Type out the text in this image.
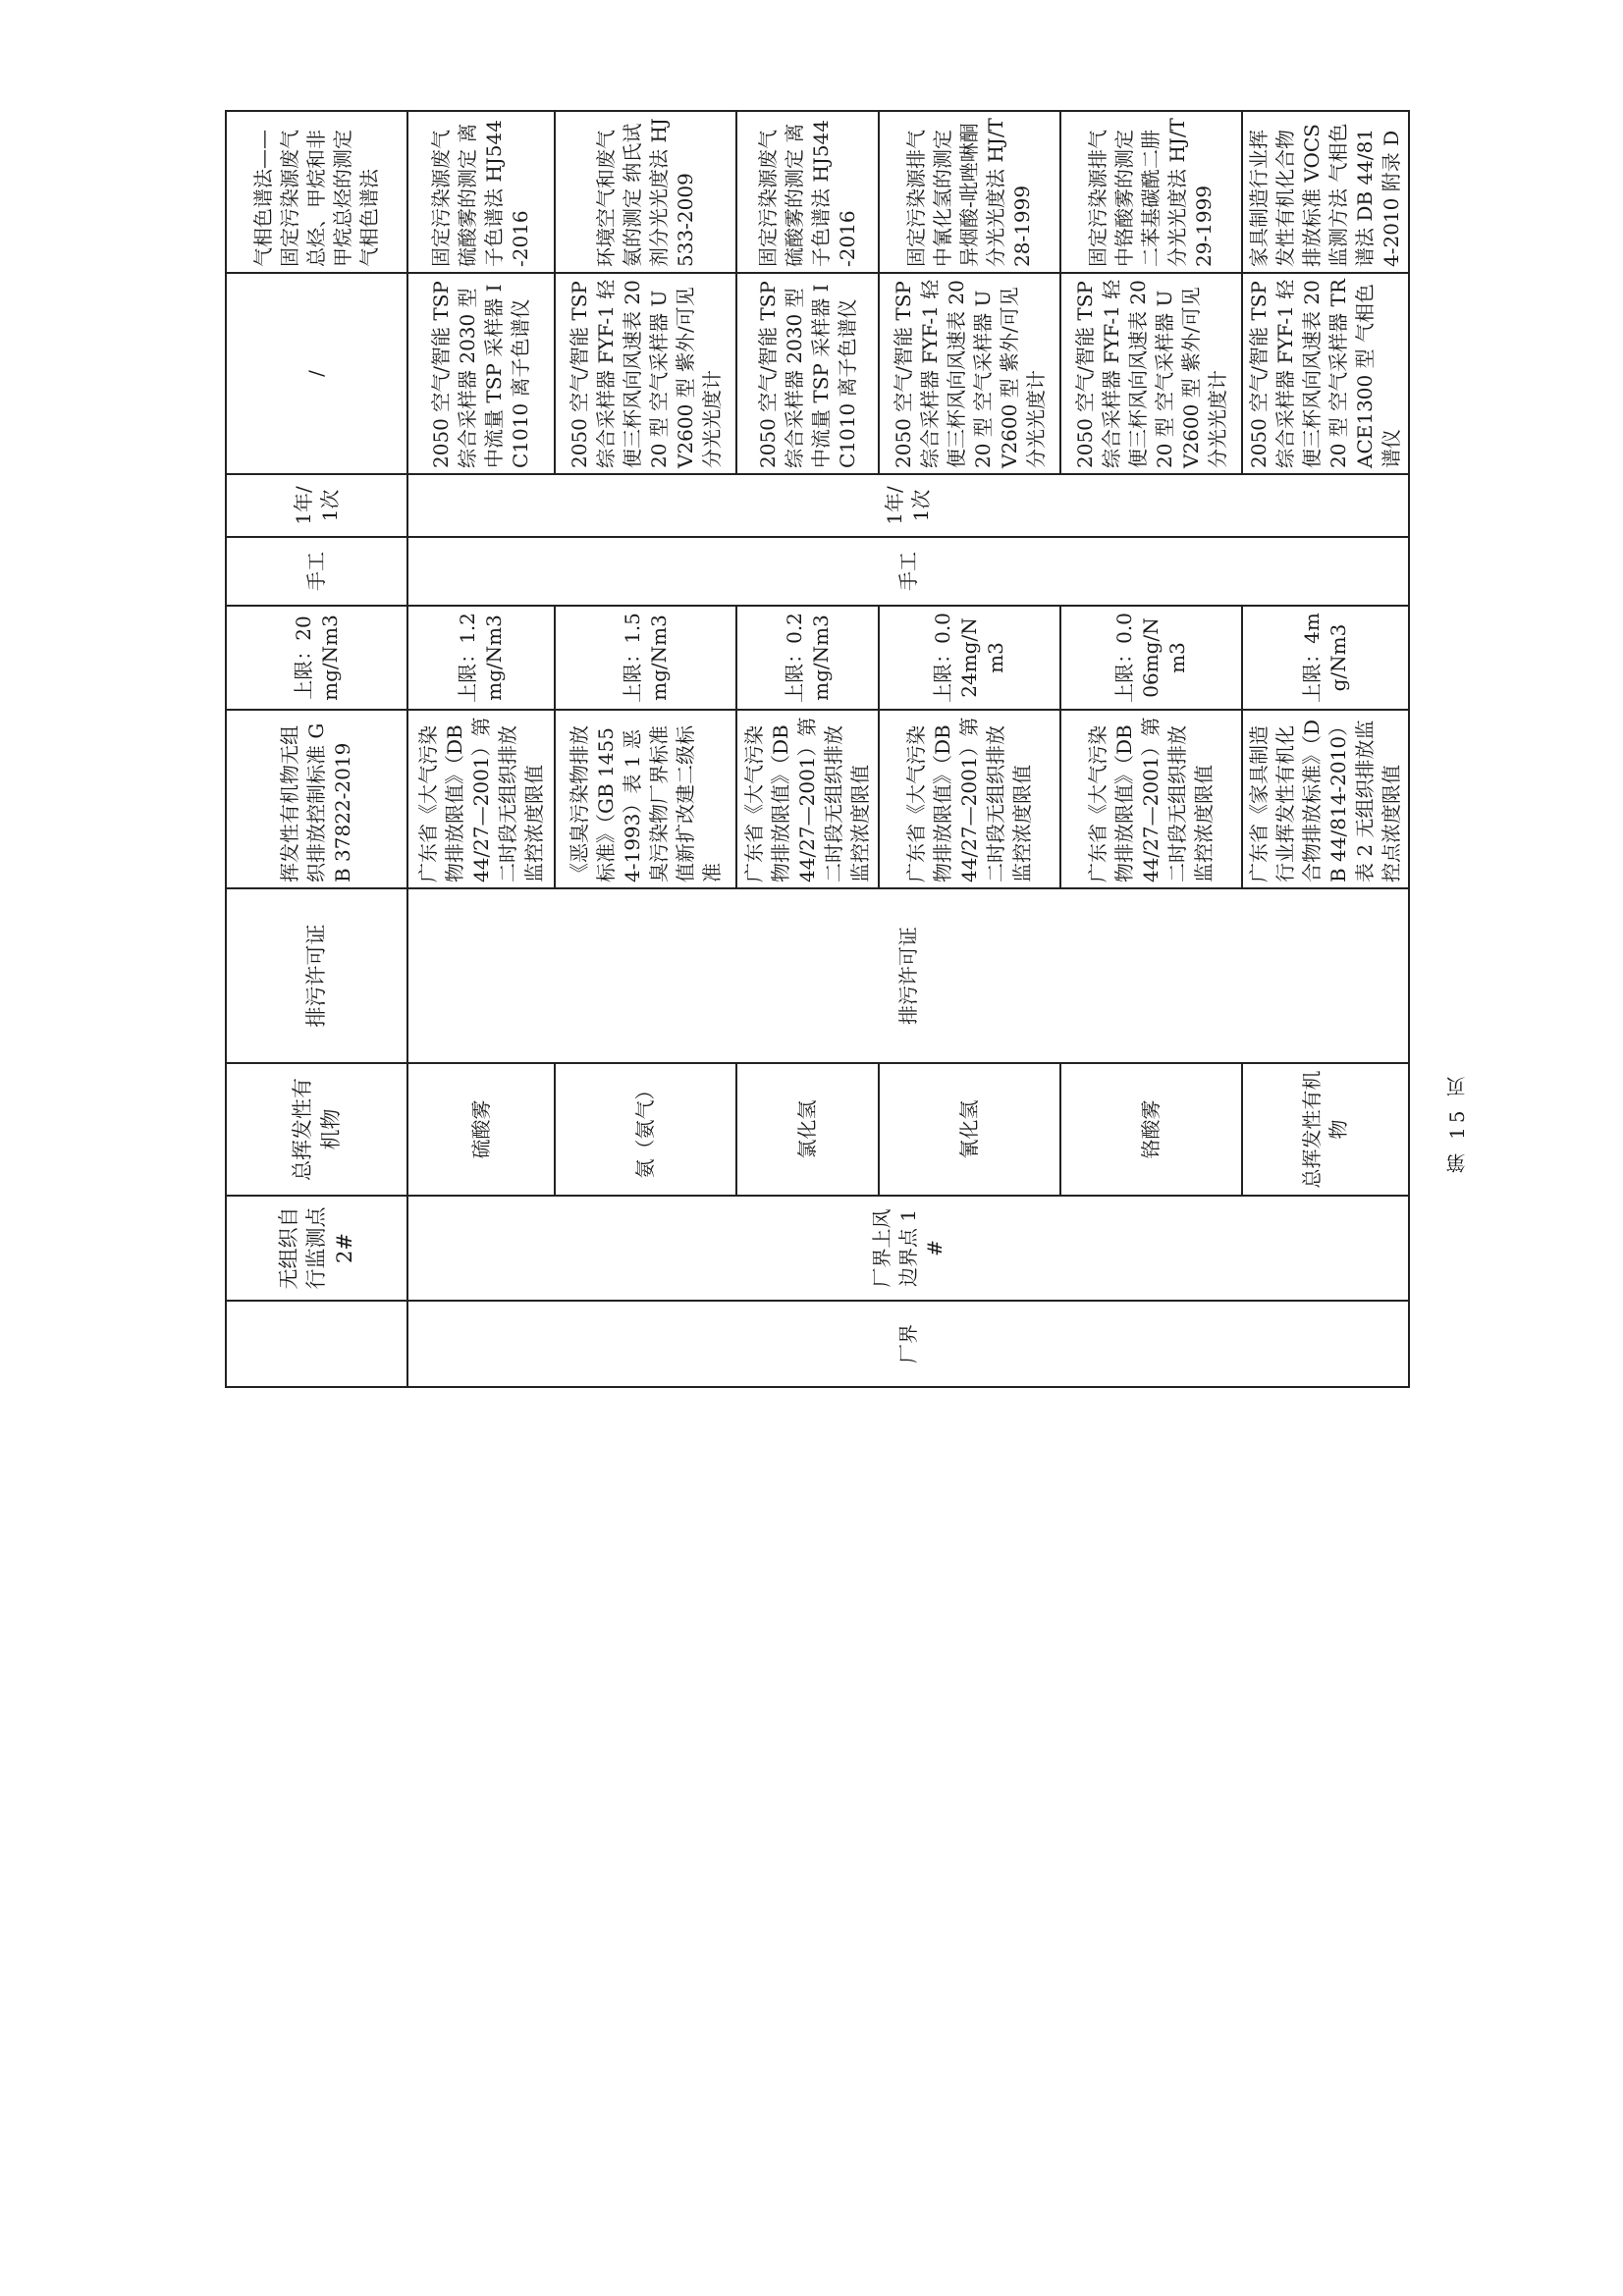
	无组织自行监测点 2#	总挥发性有机物	排污许可证	挥发性有机物无组织排放控制标准 GB 37822-2019	上限：20mg/Nm3	手工	1年/1次	/	气相色谱法——固定污染源废气 总烃、甲烷和非甲烷总烃的测定 气相色谱法
厂界	厂界上风边界点 1#	硫酸雾	排污许可证	广东省《大气污染物排放限值》（DB44/27—2001）第二时段无组织排放监控浓度限值	上限：1.2mg/Nm3	手工	1年/1次	2050 空气/智能 TSP 综合采样器 2030 型 中流量 TSP 采样器 IC1010 离子色谱仪	固定污染源废气 硫酸雾的测定 离子色谱法 HJ544-2016
		氨（氨气）		《恶臭污染物排放标准》（GB 14554-1993）表 1 恶臭污染物厂界标准值新扩改建二级标准	上限：1.5mg/Nm3			2050 空气/智能 TSP 综合采样器 FYF-1 轻便三杯风向风速表 2020 型 空气采样器 UV2600 型 紫外/可见分光光度计	环境空气和废气 氨的测定 纳氏试剂分光光度法 HJ 533-2009
		氯化氢		广东省《大气污染物排放限值》（DB44/27—2001）第二时段无组织排放监控浓度限值	上限：0.2mg/Nm3			2050 空气/智能 TSP 综合采样器 2030 型 中流量 TSP 采样器 IC1010 离子色谱仪	固定污染源废气 硫酸雾的测定 离子色谱法 HJ544-2016
		氰化氢		广东省《大气污染物排放限值》（DB44/27—2001）第二时段无组织排放监控浓度限值	上限：0.024mg/Nm3			2050 空气/智能 TSP 综合采样器 FYF-1 轻便三杯风向风速表 2020 型 空气采样器 UV2600 型 紫外/可见分光光度计	固定污染源排气中氰化氢的测定 异烟酸-吡唑啉酮分光光度法 HJ/T 28-1999
		铬酸雾		广东省《大气污染物排放限值》（DB44/27—2001）第二时段无组织排放监控浓度限值	上限：0.006mg/Nm3			2050 空气/智能 TSP 综合采样器 FYF-1 轻便三杯风向风速表 2020 型 空气采样器 UV2600 型 紫外/可见分光光度计	固定污染源排气中铬酸雾的测定 二苯基碳酰二肼分光光度法 HJ/T 29-1999
		总挥发性有机物		广东省《家具制造行业挥发性有机化合物排放标准》（DB 44/814-2010）表 2 无组织排放监控点浓度限值	上限：4mg/Nm3			2050 空气/智能 TSP 综合采样器 FYF-1 轻便三杯风向风速表 2020 型 空气采样器 TRACE1300 型 气相色谱仪	家具制造行业挥发性有机化合物排放标准 VOCS 监测方法 气相色谱法 DB 44/814-2010 附录 D
第 15 页
